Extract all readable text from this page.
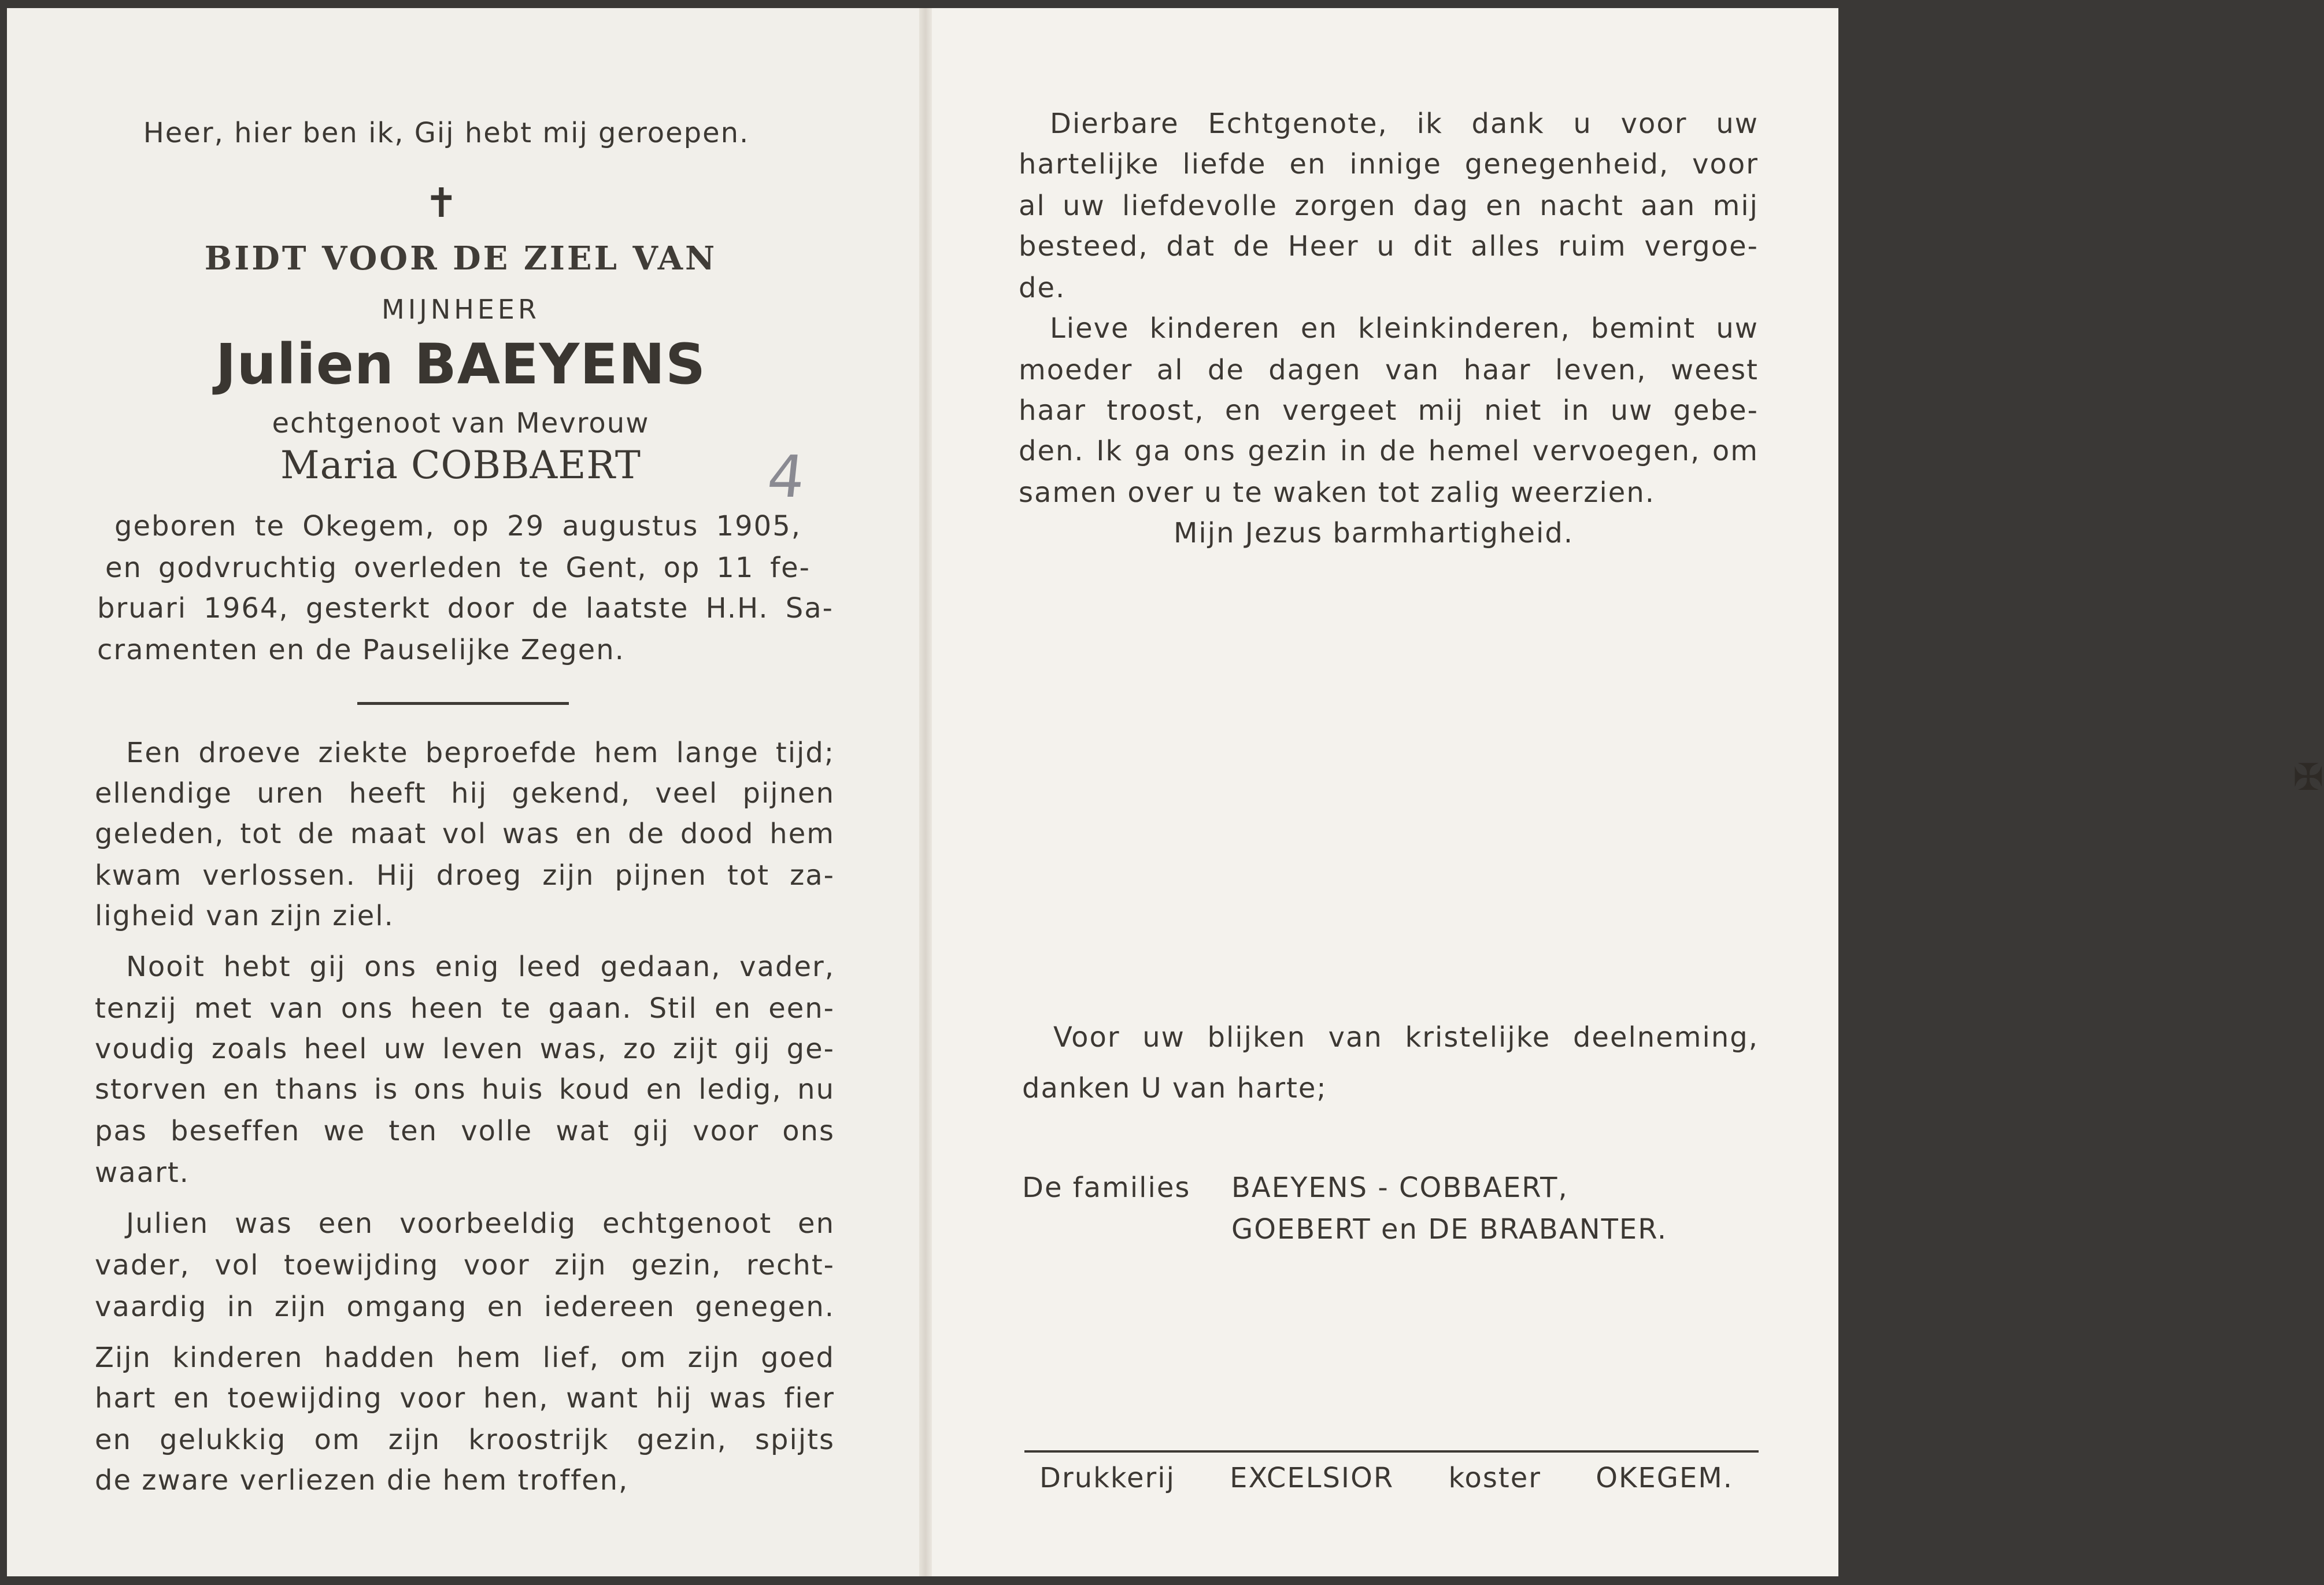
Heer, hier ben ik, Gij hebt mij geroepen.
✝
BIDT VOOR DE ZIEL VAN
MIJNHEER
Julien BAEYENS
echtgenoot van Mevrouw
Maria COBBAERT	4
geboren te Okegem, op 29 augustus 1905,
en godvruchtig overleden te Gent, op 11 fe-
bruari 1964, gesterkt door de laatste H.H. Sa-
cramenten en de Pauselijke Zegen.
Een droeve ziekte beproefde hem lange tijd;
ellendige uren heeft hij gekend, veel pijnen
geleden, tot de maat vol was en de dood hem
kwam verlossen. Hij droeg zijn pijnen tot za-
ligheid van zijn ziel.
Nooit hebt gij ons enig leed gedaan, vader,
tenzij met van ons heen te gaan. Stil en een-
voudig zoals heel uw leven was, zo zijt gij ge-
storven en thans is ons huis koud en ledig, nu
pas beseffen we ten volle wat gij voor ons
waart.
Julien was een voorbeeldig echtgenoot en
vader, vol toewijding voor zijn gezin, recht-
vaardig in zijn omgang en iedereen genegen.
Zijn kinderen hadden hem lief, om zijn goed
hart en toewijding voor hen, want hij was fier
en gelukkig om zijn kroostrijk gezin, spijts
de zware verliezen die hem troffen,
Dierbare Echtgenote, ik dank u voor uw
hartelijke liefde en innige genegenheid, voor
al uw liefdevolle zorgen dag en nacht aan mij
besteed, dat de Heer u dit alles ruim vergoe-
de.
Lieve kinderen en kleinkinderen, bemint uw
moeder al de dagen van haar leven, weest
haar troost, en vergeet mij niet in uw gebe-
den. Ik ga ons gezin in de hemel vervoegen, om
samen over u te waken tot zalig weerzien.
Mijn Jezus barmhartigheid.
✠
Voor uw blijken van kristelijke deelneming,
danken U van harte;
De families BAEYENS - COBBAERT,
GOEBERT en DE BRABANTER.
Drukkerij EXCELSIOR koster OKEGEM.
